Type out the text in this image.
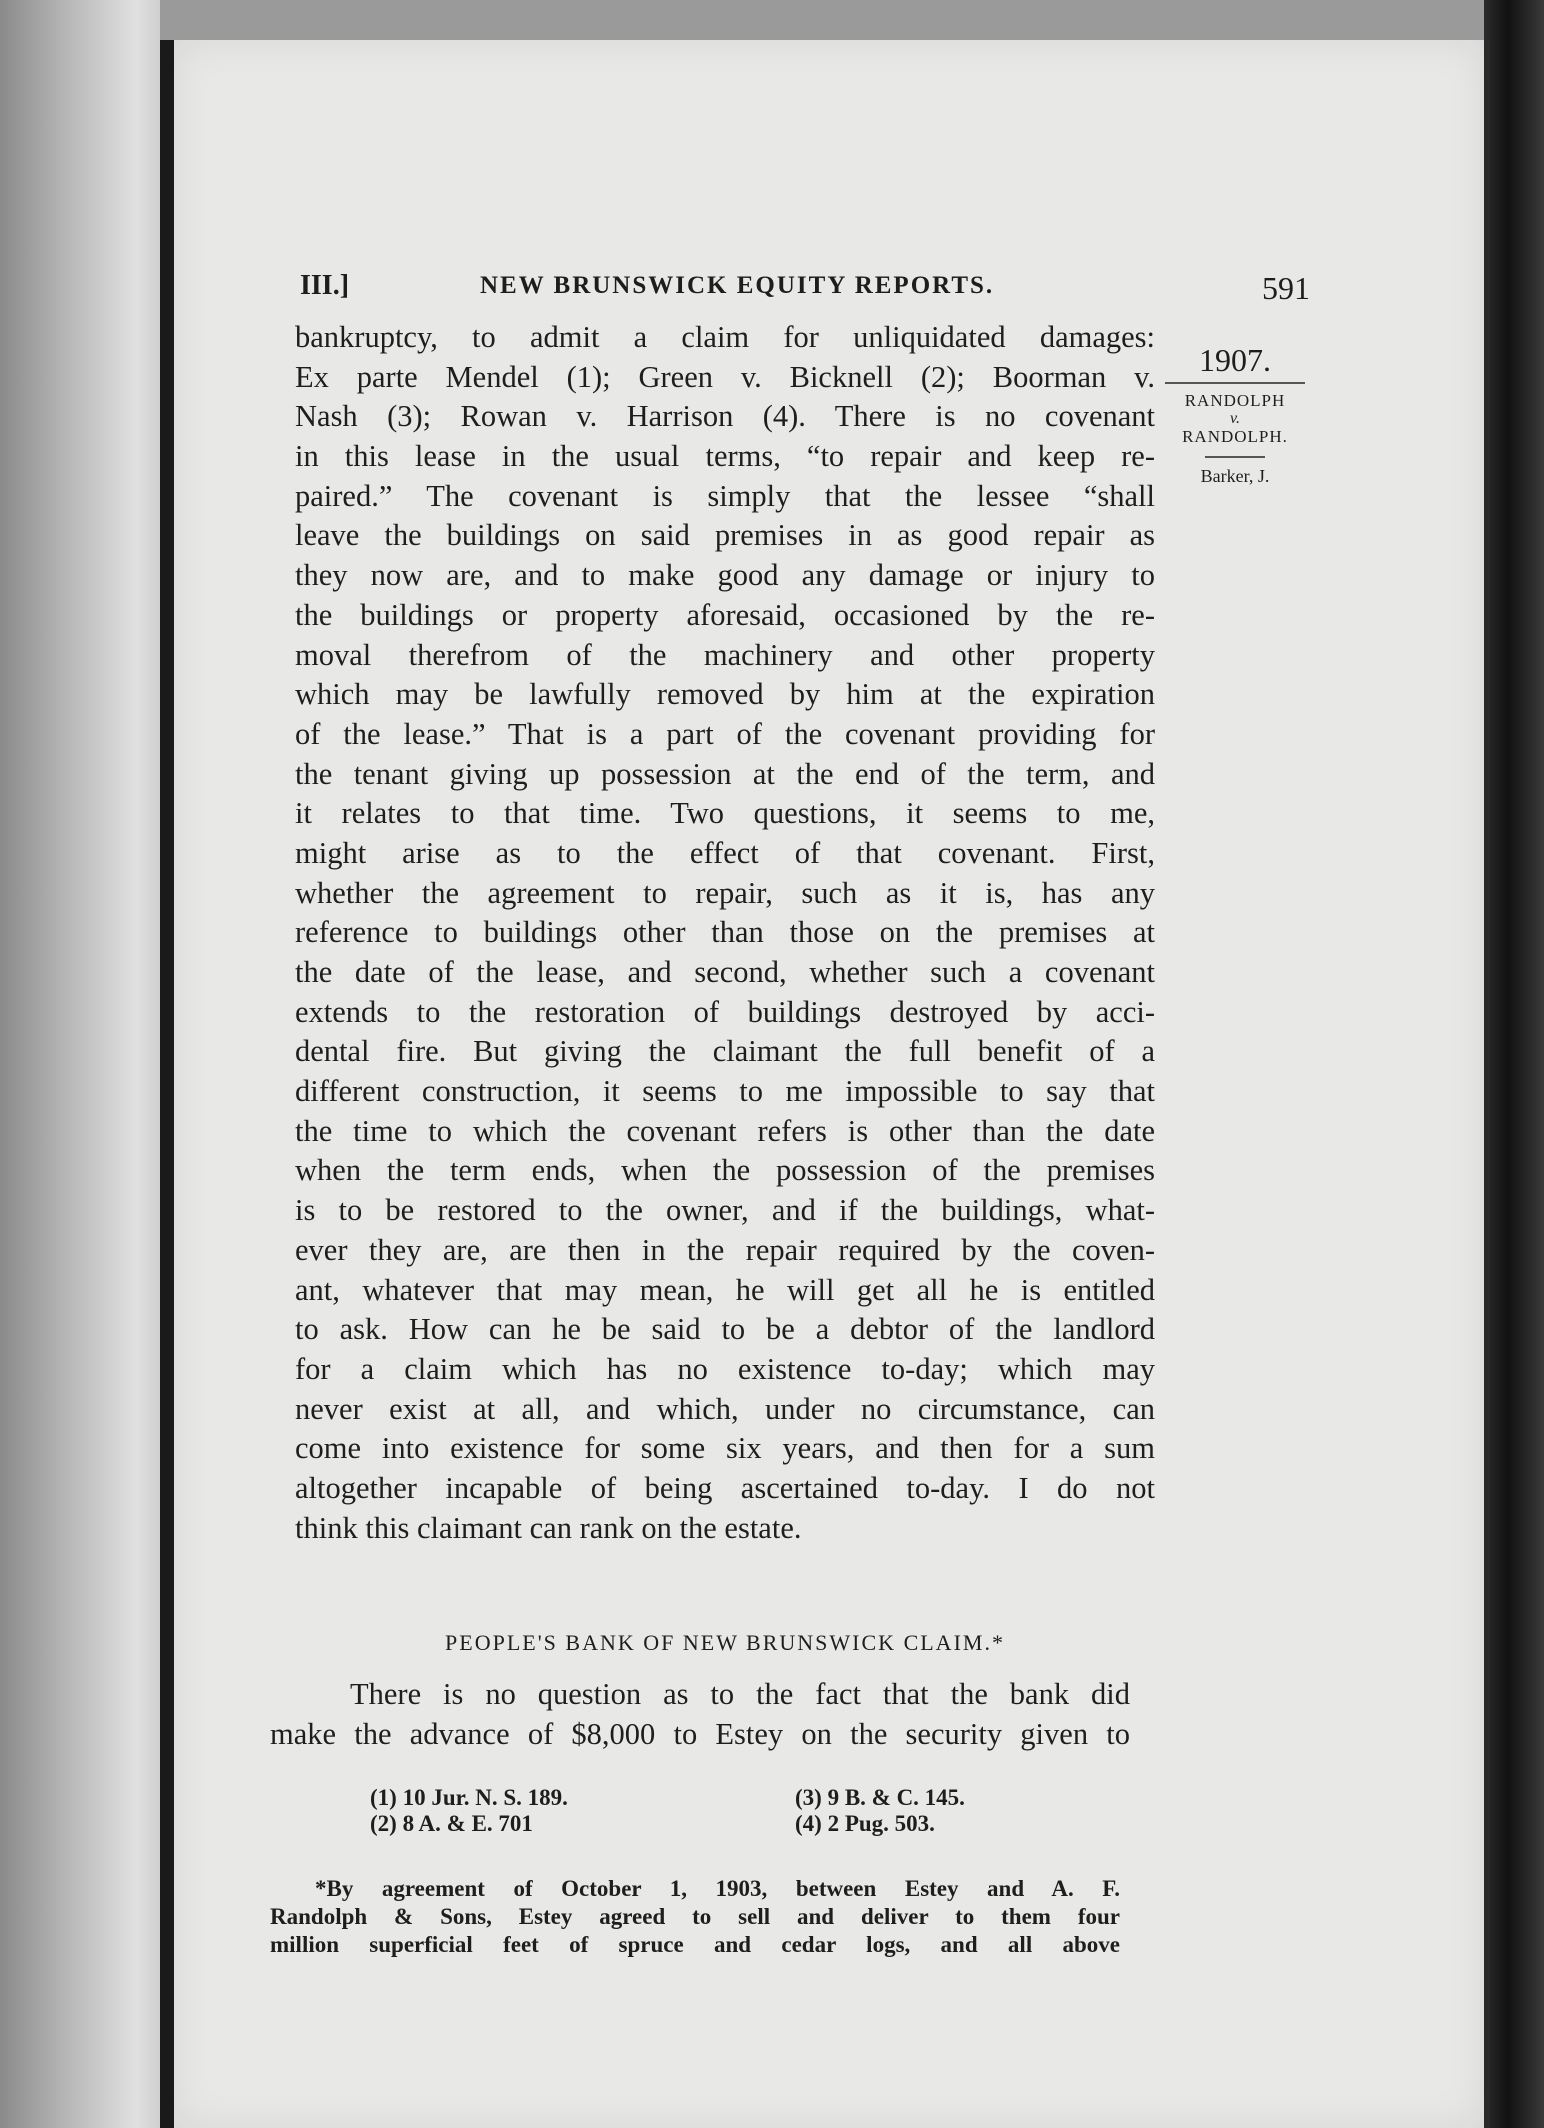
III.]	NEW BRUNSWICK EQUITY REPORTS.	591
1907.
RANDOLPH
v.
RANDOLPH.
Barker, J.
bankruptcy, to admit a claim for unliquidated damages:
Ex parte Mendel (1); Green v. Bicknell (2); Boorman v.
Nash (3); Rowan v. Harrison (4). There is no covenant
in this lease in the usual terms, “to repair and keep re-
paired.” The covenant is simply that the lessee “shall
leave the buildings on said premises in as good repair as
they now are, and to make good any damage or injury to
the buildings or property aforesaid, occasioned by the re-
moval therefrom of the machinery and other property
which may be lawfully removed by him at the expiration
of the lease.” That is a part of the covenant providing for
the tenant giving up possession at the end of the term, and
it relates to that time. Two questions, it seems to me,
might arise as to the effect of that covenant. First,
whether the agreement to repair, such as it is, has any
reference to buildings other than those on the premises at
the date of the lease, and second, whether such a covenant
extends to the restoration of buildings destroyed by acci-
dental fire. But giving the claimant the full benefit of a
different construction, it seems to me impossible to say that
the time to which the covenant refers is other than the date
when the term ends, when the possession of the premises
is to be restored to the owner, and if the buildings, what-
ever they are, are then in the repair required by the coven-
ant, whatever that may mean, he will get all he is entitled
to ask. How can he be said to be a debtor of the landlord
for a claim which has no existence to-day; which may
never exist at all, and which, under no circumstance, can
come into existence for some six years, and then for a sum
altogether incapable of being ascertained to-day. I do not
think this claimant can rank on the estate.
PEOPLE'S BANK OF NEW BRUNSWICK CLAIM.*
There is no question as to the fact that the bank did
make the advance of $8,000 to Estey on the security given to
(1) 10 Jur. N. S. 189.
(2) 8 A. & E. 701
(3) 9 B. & C. 145.
(4) 2 Pug. 503.
*By agreement of October 1, 1903, between Estey and A. F.
Randolph & Sons, Estey agreed to sell and deliver to them four
million superficial feet of spruce and cedar logs, and all above
